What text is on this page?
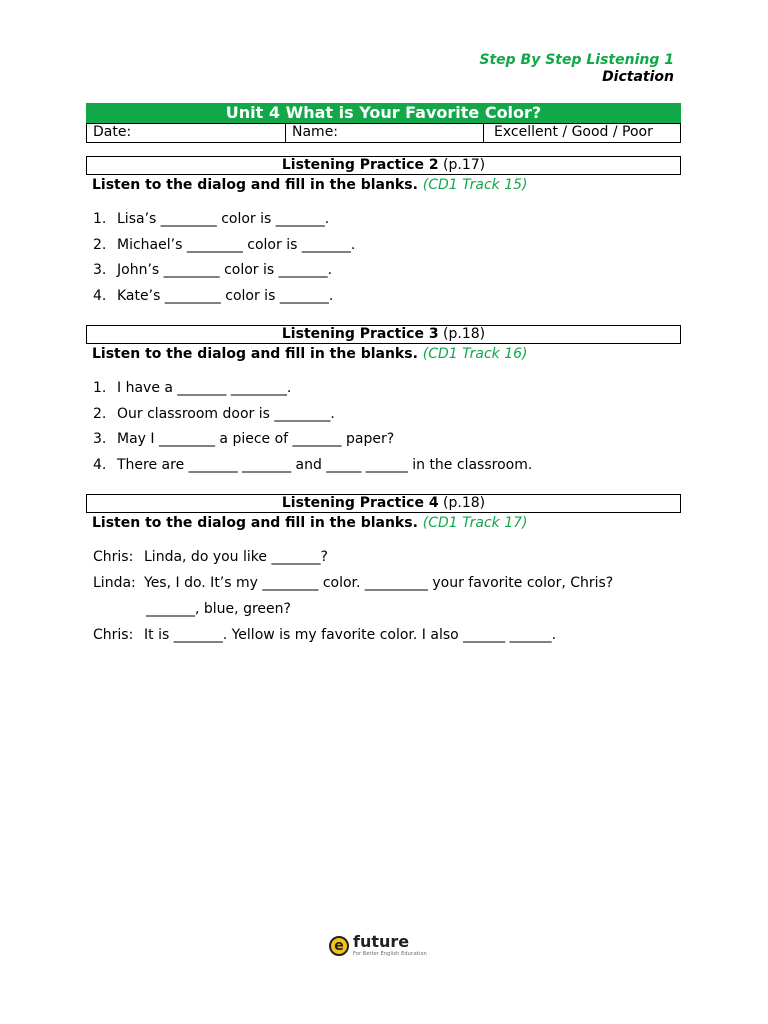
Step By Step Listening 1
Dictation
Unit 4 What is Your Favorite Color?
Date:	Name:	Excellent / Good / Poor
Listening Practice 2 (p.17)
Listen to the dialog and fill in the blanks. (CD1 Track 15)
1. Lisa’s ________ color is _______.
2. Michael’s ________ color is _______.
3. John’s ________ color is _______.
4. Kate’s ________ color is _______.
Listening Practice 3 (p.18)
Listen to the dialog and fill in the blanks. (CD1 Track 16)
1. I have a _______ ________.
2. Our classroom door is ________.
3. May I ________ a piece of _______ paper?
4. There are _______ _______ and _____ ______ in the classroom.
Listening Practice 4 (p.18)
Listen to the dialog and fill in the blanks. (CD1 Track 17)
Chris: Linda, do you like _______?
Linda: Yes, I do. It’s my ________ color. _________ your favorite color, Chris?
_______, blue, green?
Chris: It is _______. Yellow is my favorite color. I also ______ ______.
e future
For Better English Education
